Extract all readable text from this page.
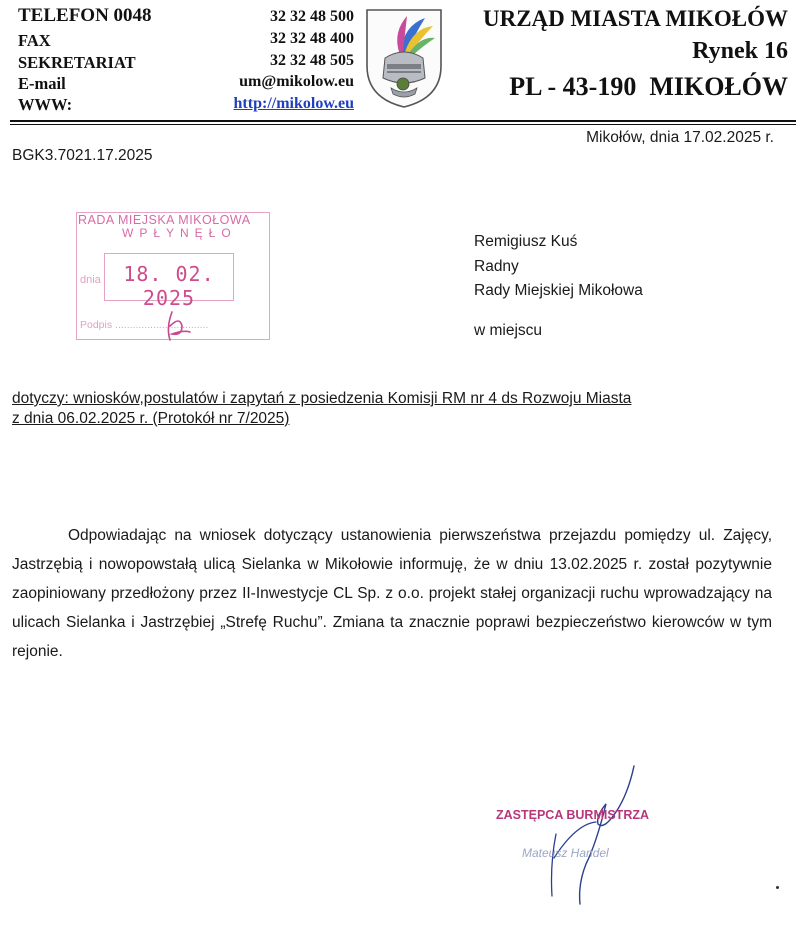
TELEFON 0048
FAX
SEKRETARIAT
E-mail
WWW:
32 32 48 500
32 32 48 400
32 32 48 505
um@mikolow.eu
http://mikolow.eu
URZĄD MIASTA MIKOŁÓW
Rynek 16
PL - 43-190  MIKOŁÓW
Mikołów, dnia 17.02.2025 r.
BGK3.7021.17.2025
RADA MIEJSKA MIKOŁOWA
WPŁYNĘŁO
dnia	18. 02. 2025
Podpis ................................
Remigiusz Kuś
Radny
Rady Miejskiej Mikołowa
w miejscu
dotyczy: wniosków,postulatów i zapytań z posiedzenia Komisji RM nr 4 ds Rozwoju Miasta
z dnia 06.02.2025 r. (Protokół nr 7/2025)
Odpowiadając na wniosek dotyczący ustanowienia pierwszeństwa przejazdu pomiędzy ul. Zajęcy, Jastrzębią i nowopowstałą ulicą Sielanka w Mikołowie informuję, że w dniu 13.02.2025 r. został pozytywnie zaopiniowany przedłożony przez II-Inwestycje CL Sp. z o.o. projekt stałej organizacji ruchu wprowadzający na ulicach Sielanka i Jastrzębiej „Strefę Ruchu”. Zmiana ta znacznie poprawi bezpieczeństwo kierowców w tym rejonie.
ZASTĘPCA BURMISTRZA
Mateusz Handel
